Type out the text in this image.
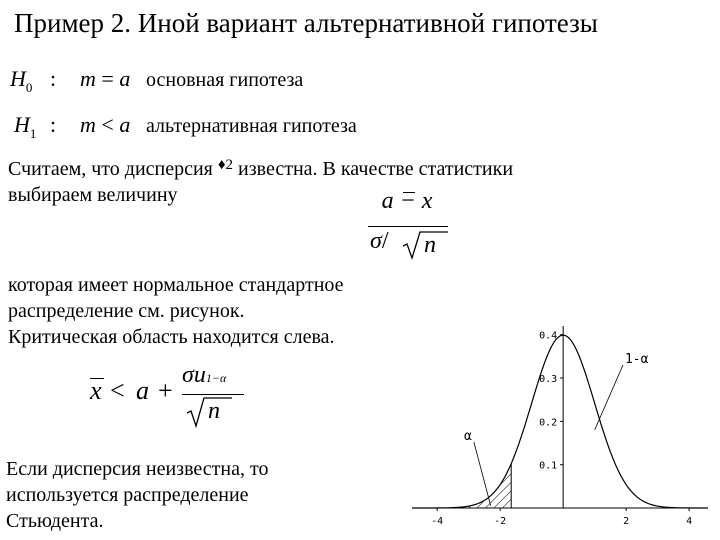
Пример 2. Иной вариант альтернативной гипотезы
$H_0$ : m = a основная гипотеза
$H_1$ : m < a альтернативная гипотеза
Считаем, что дисперсия $^{♦2}$ известна. В качестве статистики
выбираем величину	a − x
σ/ n
которая имеет нормальное стандартное
распределение см. рисунок.
Критическая область находится слева.
x < a +
σu1−α
n
Если дисперсия неизвестна, то
используется распределение
Стьюдента.	-4	-2	2	4
0.1
0.2
0.3
0.4
α
1-α
